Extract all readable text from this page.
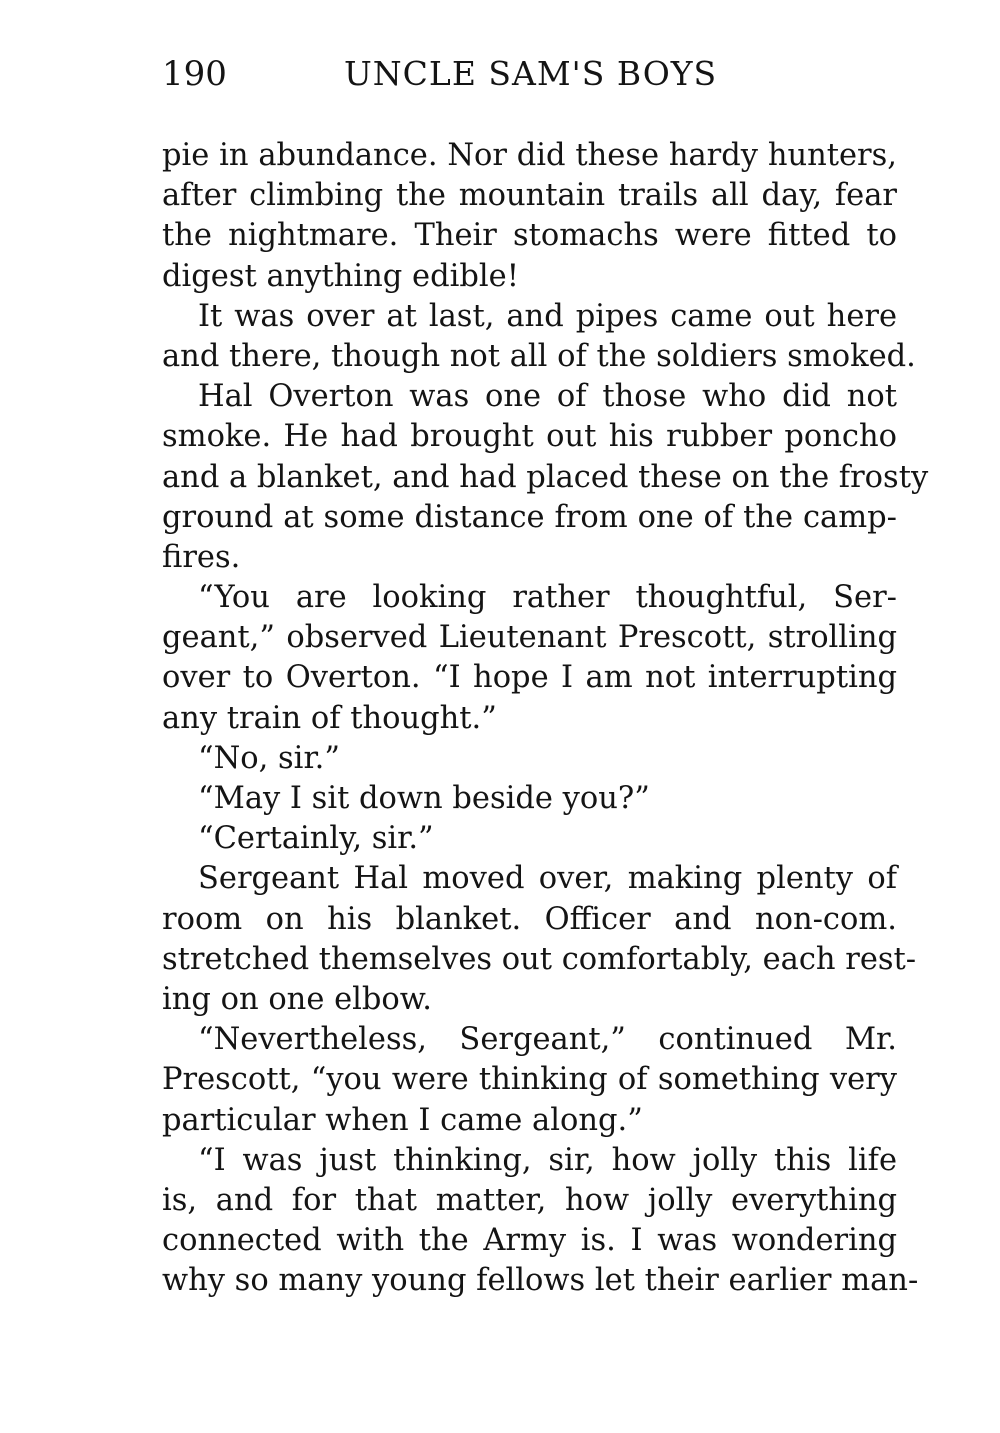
190	UNCLE SAM'S BOYS
pie in abundance. Nor did these hardy hunters,
after climbing the mountain trails all day, fear
the nightmare. Their stomachs were fitted to
digest anything edible!
It was over at last, and pipes came out here
and there, though not all of the soldiers smoked.
Hal Overton was one of those who did not
smoke. He had brought out his rubber poncho
and a blanket, and had placed these on the frosty
ground at some distance from one of the camp-
fires.
“You are looking rather thoughtful, Ser-
geant,” observed Lieutenant Prescott, strolling
over to Overton. “I hope I am not interrupting
any train of thought.”
“No, sir.”
“May I sit down beside you?”
“Certainly, sir.”
Sergeant Hal moved over, making plenty of
room on his blanket. Officer and non-com.
stretched themselves out comfortably, each rest-
ing on one elbow.
“Nevertheless, Sergeant,” continued Mr.
Prescott, “you were thinking of something very
particular when I came along.”
“I was just thinking, sir, how jolly this life
is, and for that matter, how jolly everything
connected with the Army is. I was wondering
why so many young fellows let their earlier man-
